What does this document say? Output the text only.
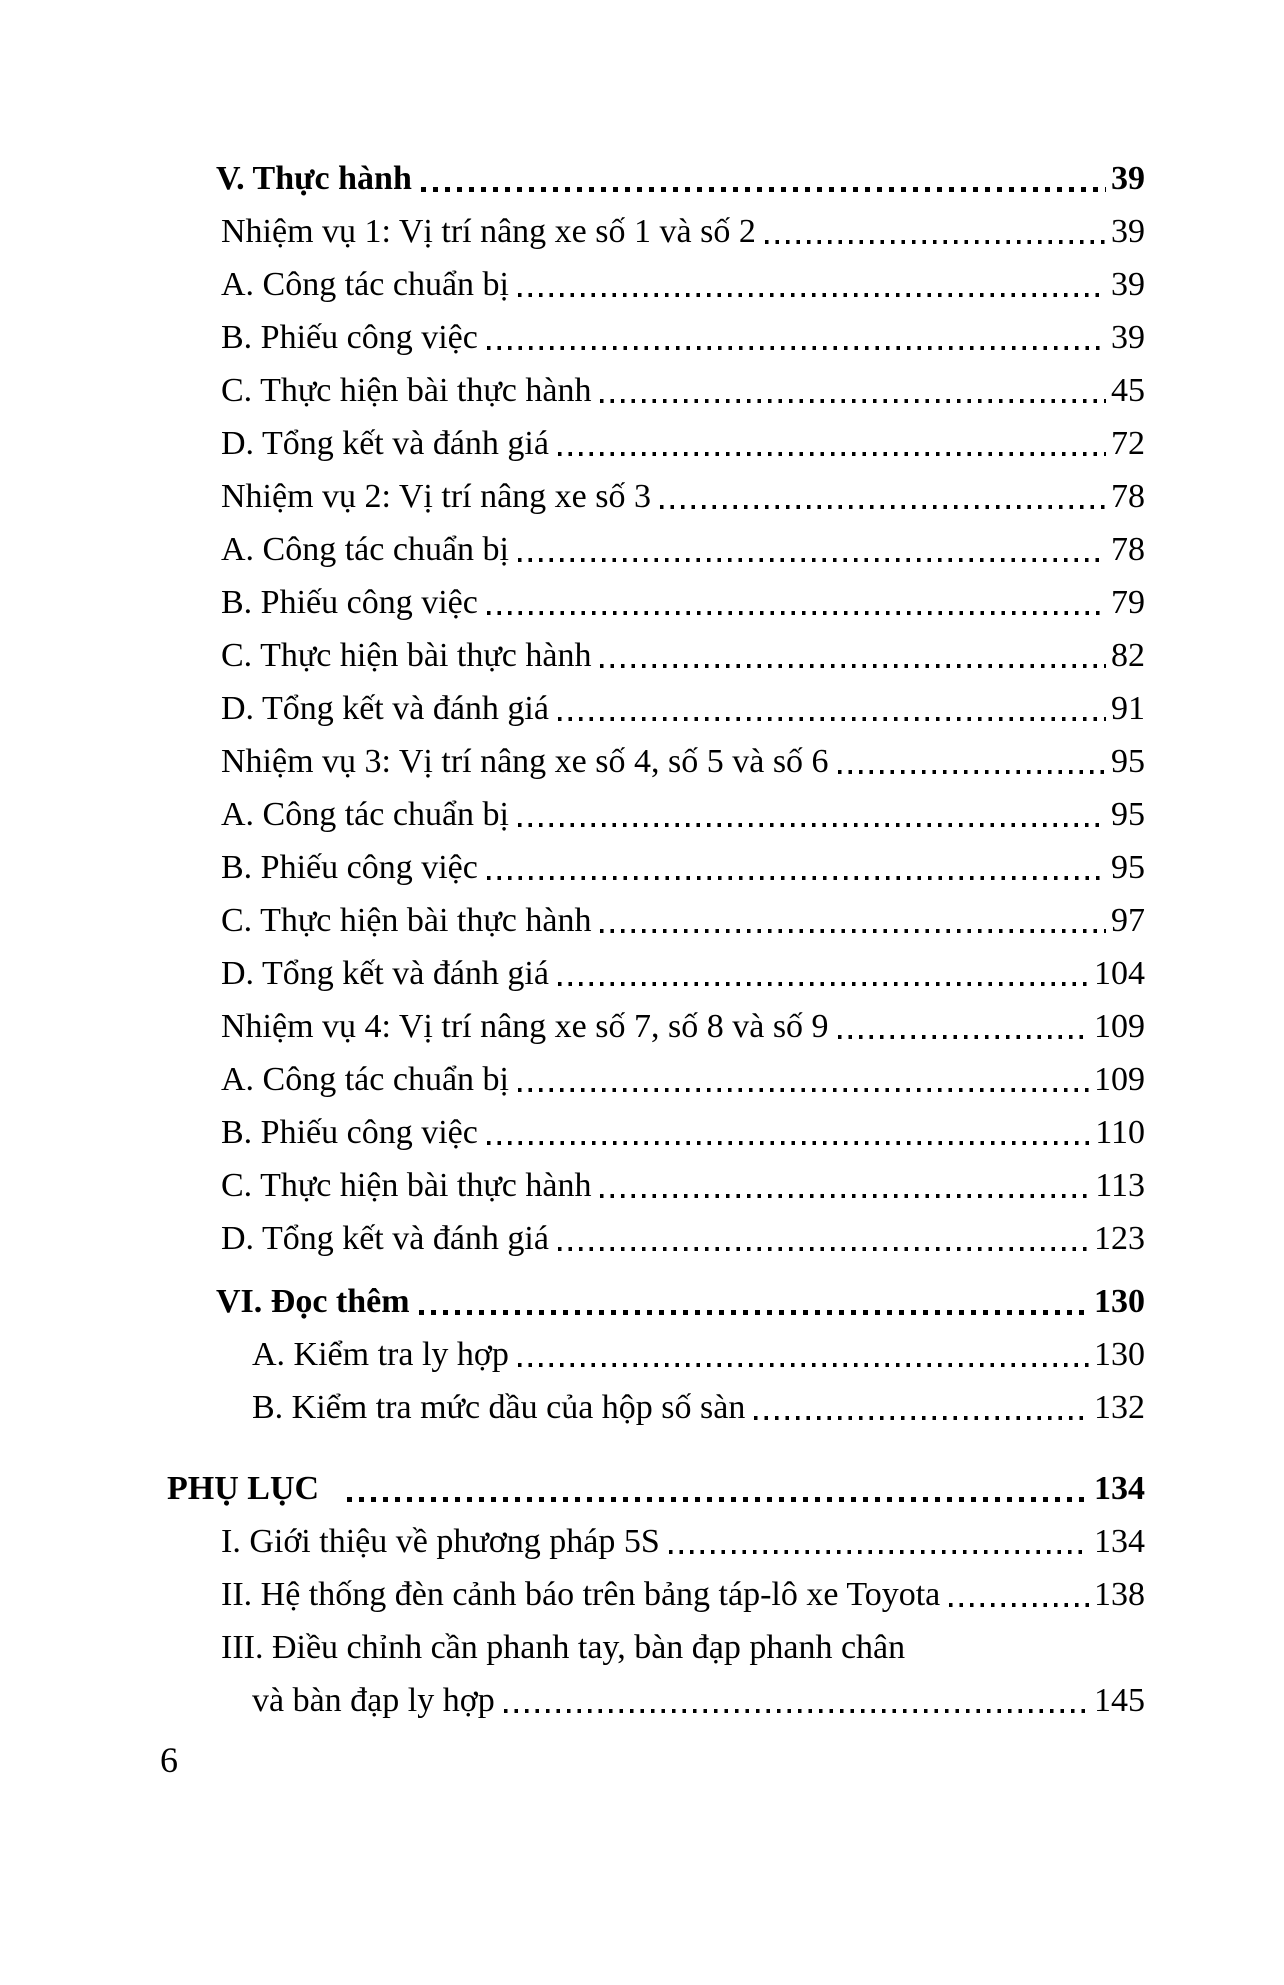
V. Thực hành	39
Nhiệm vụ 1: Vị trí nâng xe số 1 và số 2	39
A. Công tác chuẩn bị	39
B. Phiếu công việc	39
C. Thực hiện bài thực hành	45
D. Tổng kết và đánh giá	72
Nhiệm vụ 2: Vị trí nâng xe số 3	78
A. Công tác chuẩn bị	78
B. Phiếu công việc	79
C. Thực hiện bài thực hành	82
D. Tổng kết và đánh giá	91
Nhiệm vụ 3: Vị trí nâng xe số 4, số 5 và số 6	95
A. Công tác chuẩn bị	95
B. Phiếu công việc	95
C. Thực hiện bài thực hành	97
D. Tổng kết và đánh giá	104
Nhiệm vụ 4: Vị trí nâng xe số 7, số 8 và số 9	109
A. Công tác chuẩn bị	109
B. Phiếu công việc	110
C. Thực hiện bài thực hành	113
D. Tổng kết và đánh giá	123
VI. Đọc thêm	130
A. Kiểm tra ly hợp	130
B. Kiểm tra mức dầu của hộp số sàn	132
PHỤ LỤC	134
I. Giới thiệu về phương pháp 5S	134
II. Hệ thống đèn cảnh báo trên bảng táp-lô xe Toyota	138
III. Điều chỉnh cần phanh tay, bàn đạp phanh chân
và bàn đạp ly hợp	145
6
